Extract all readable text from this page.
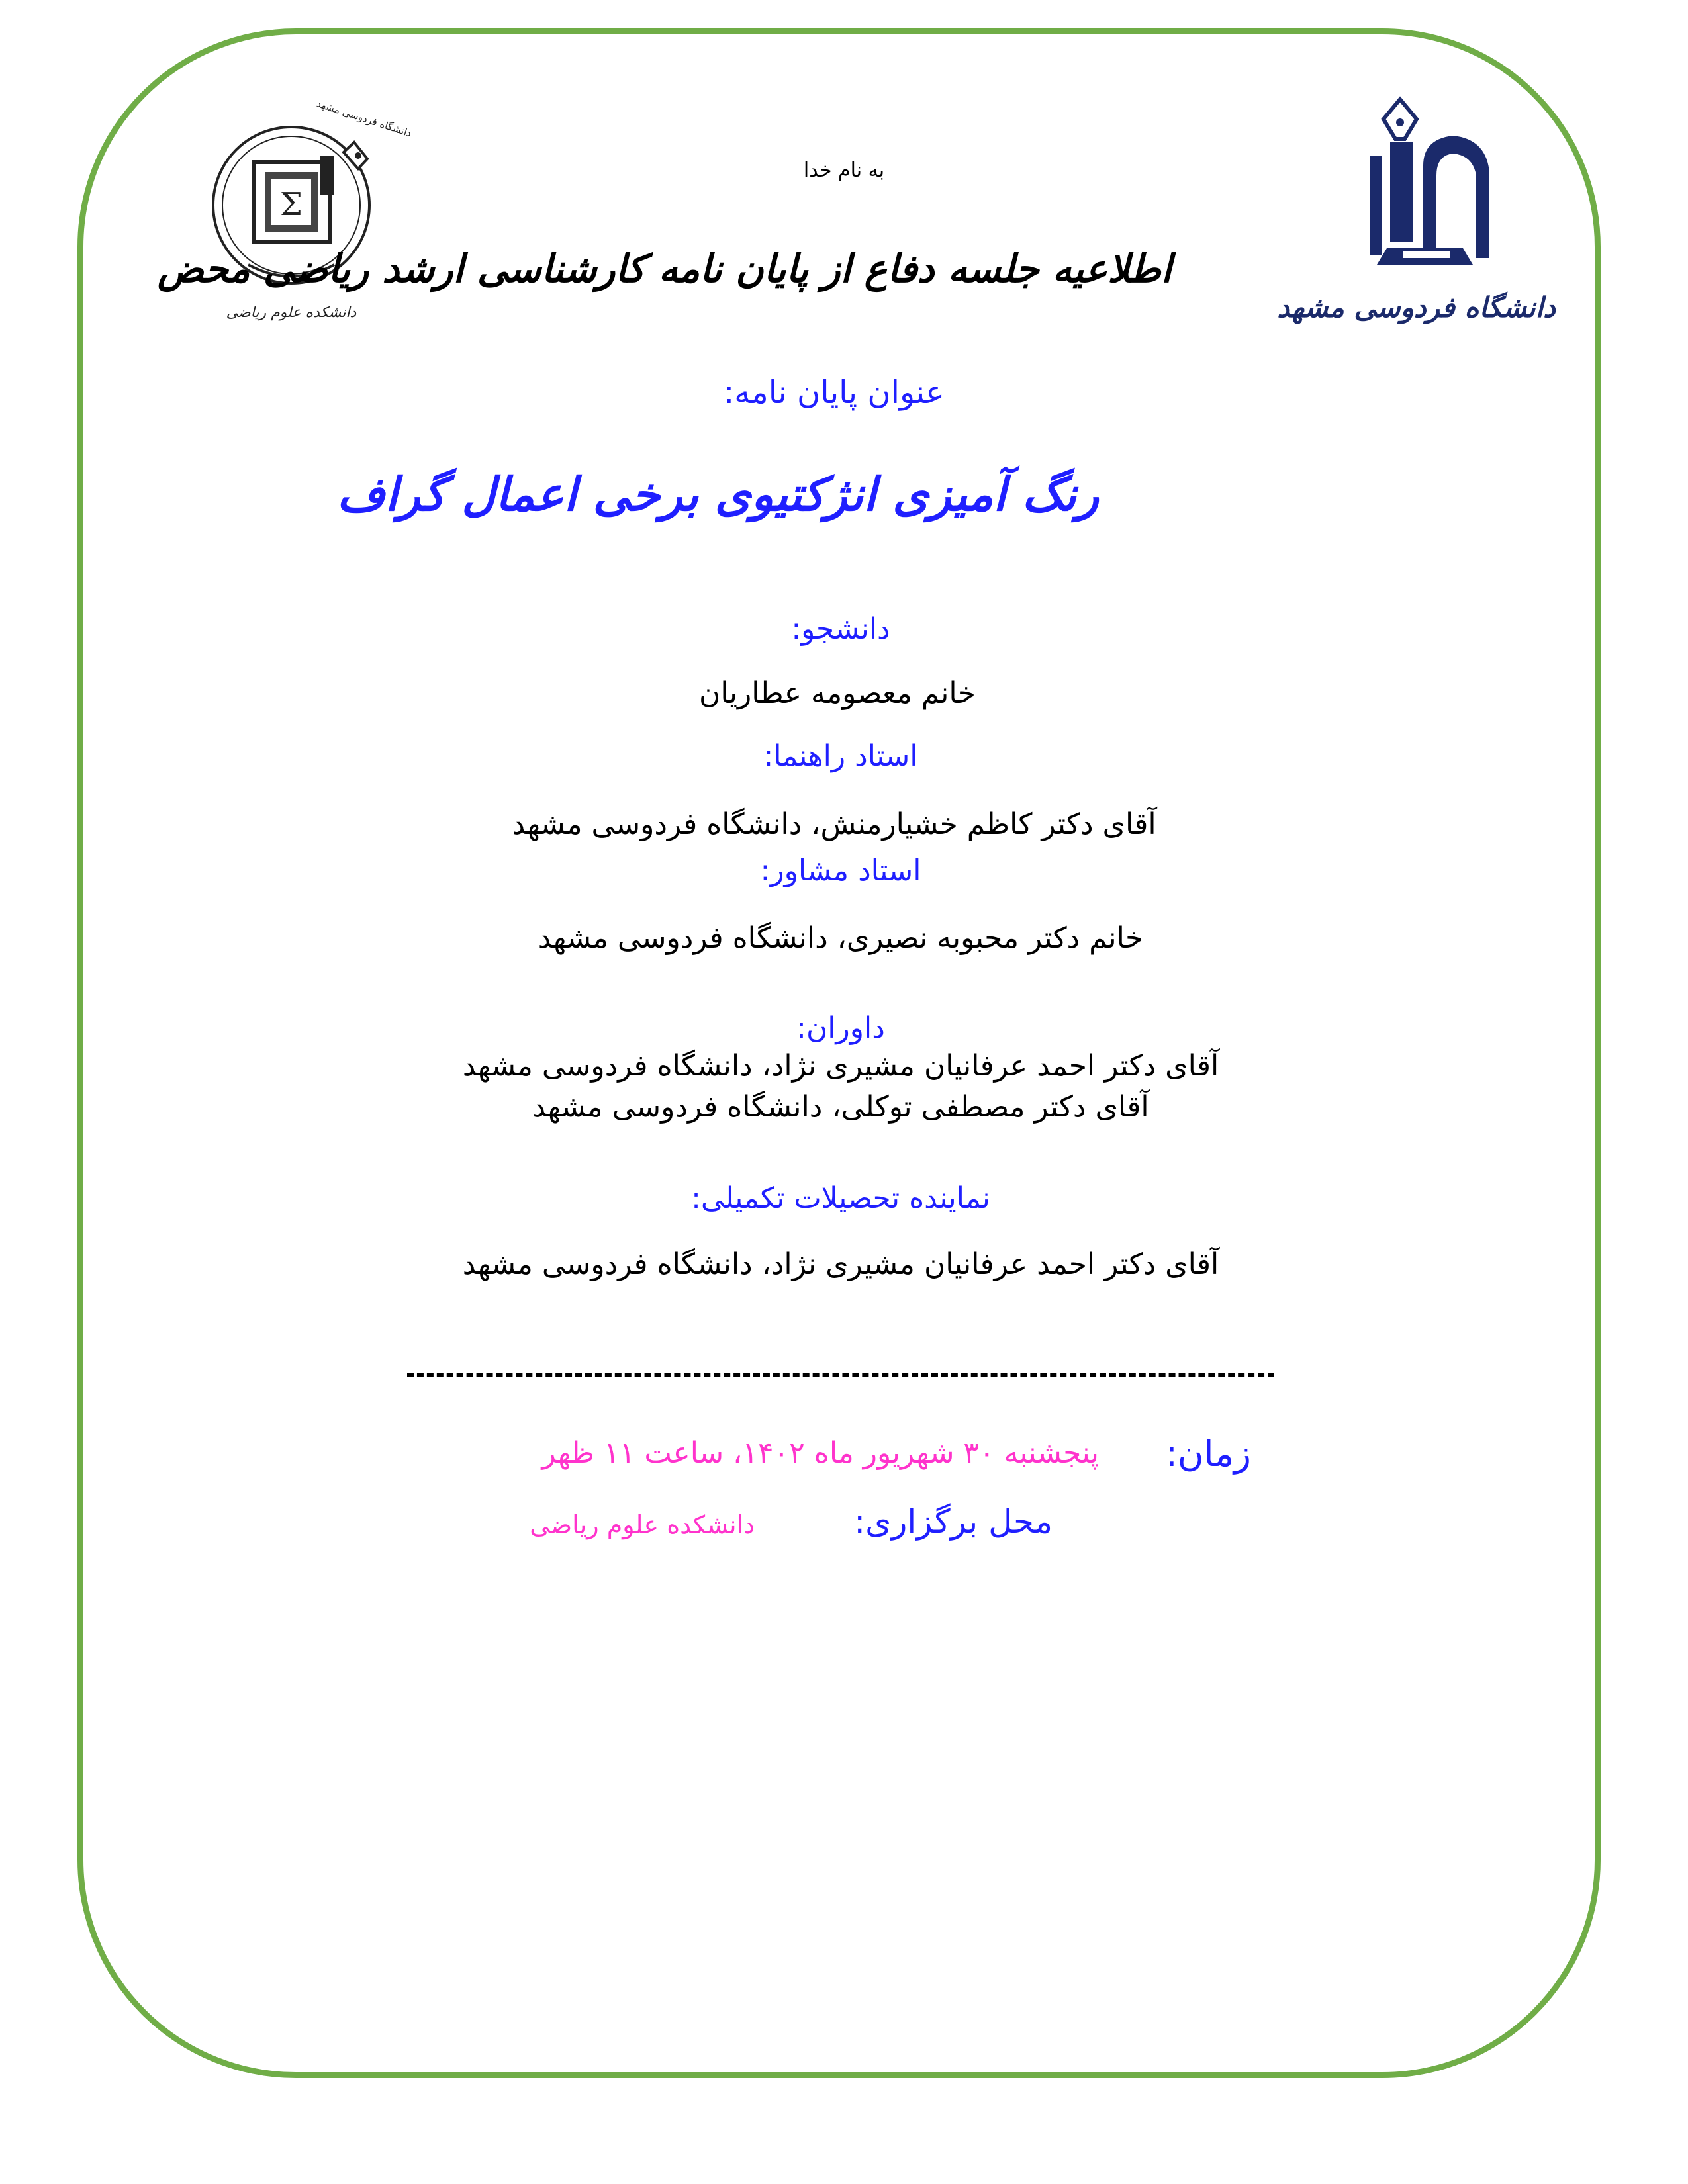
Σ
دانشگاه فردوسی مشهد
دانشکده علوم ریاضی	دانشگاه فردوسی مشهد
به نام خدا
اطلاعیه جلسه دفاع از پایان نامه کارشناسی ارشد ریاضی محض
عنوان پایان نامه:
رنگ آمیزی انژکتیوی برخی اعمال گراف
دانشجو:
خانم معصومه عطاریان
استاد راهنما:
آقای دکتر کاظم خشیارمنش، دانشگاه فردوسی مشهد
استاد مشاور:
خانم دکتر محبوبه نصیری، دانشگاه فردوسی مشهد
داوران:
آقای دکتر احمد عرفانیان مشیری نژاد، دانشگاه فردوسی مشهد
آقای دکتر مصطفی توکلی، دانشگاه فردوسی مشهد
نماینده تحصیلات تکمیلی:
آقای دکتر احمد عرفانیان مشیری نژاد، دانشگاه فردوسی مشهد
زمان:
پنجشنبه ۳۰ شهریور ماه ۱۴۰۲، ساعت ۱۱ ظهر
محل برگزاری:
دانشکده علوم ریاضی
